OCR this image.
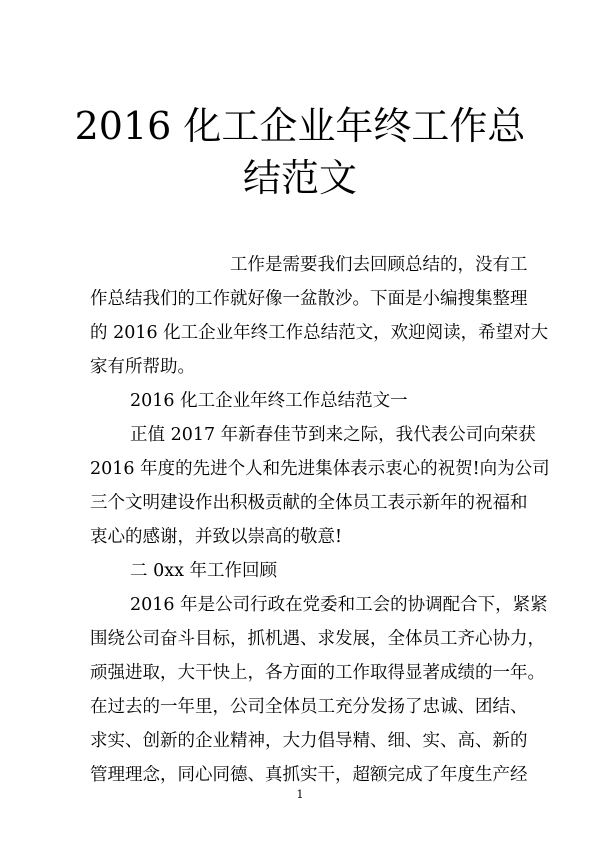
2016 化工企业年终工作总
结范文

工作是需要我们去回顾总结的，没有工

作总结我们的工作就好像一盆散沙。下面是小编搜集整理

的 2016 化工企业年终工作总结范文，欢迎阅读，希望对大

家有所帮助。

2016 化工企业年终工作总结范文一

正值 2017 年新春佳节到来之际，我代表公司向荣获

2016 年度的先进个人和先进集体表示衷心的祝贺!向为公司

三个文明建设作出积极贡献的全体员工表示新年的祝福和

衷心的感谢，并致以崇高的敬意!

二 0xx 年工作回顾

2016 年是公司行政在党委和工会的协调配合下，紧紧

围绕公司奋斗目标，抓机遇、求发展，全体员工齐心协力，

顽强进取，大干快上，各方面的工作取得显著成绩的一年。

在过去的一年里，公司全体员工充分发扬了忠诚、团结、

求实、创新的企业精神，大力倡导精、细、实、高、新的

管理理念，同心同德、真抓实干，超额完成了年度生产经

1
